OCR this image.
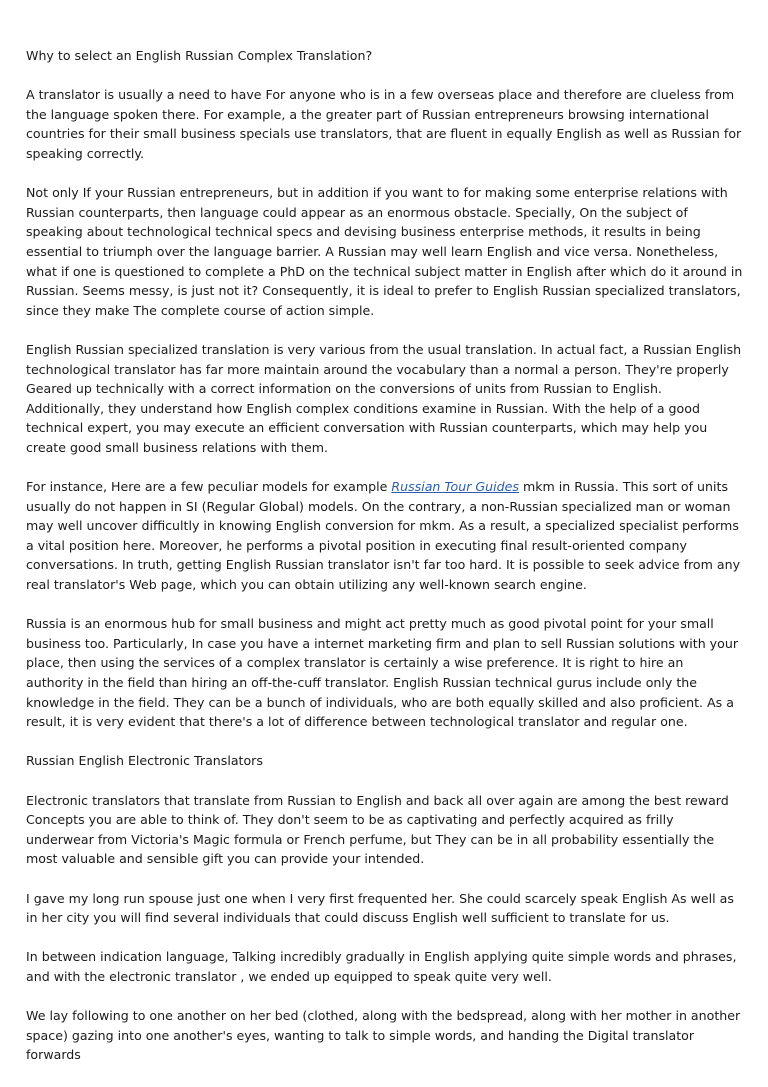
Why to select an English Russian Complex Translation?

A translator is usually a need to have For anyone who is in a few overseas place and therefore are clueless from the language spoken there. For example, a the greater part of Russian entrepreneurs browsing international countries for their small business specials use translators, that are fluent in equally English as well as Russian for speaking correctly.

Not only If your Russian entrepreneurs, but in addition if you want to for making some enterprise relations with Russian counterparts, then language could appear as an enormous obstacle. Specially, On the subject of speaking about technological technical specs and devising business enterprise methods, it results in being essential to triumph over the language barrier. A Russian may well learn English and vice versa. Nonetheless, what if one is questioned to complete a PhD on the technical subject matter in English after which do it around in Russian. Seems messy, is just not it? Consequently, it is ideal to prefer to English Russian specialized translators, since they make The complete course of action simple.

English Russian specialized translation is very various from the usual translation. In actual fact, a Russian English technological translator has far more maintain around the vocabulary than a normal a person. They're properly Geared up technically with a correct information on the conversions of units from Russian to English. Additionally, they understand how English complex conditions examine in Russian. With the help of a good technical expert, you may execute an efficient conversation with Russian counterparts, which may help you create good small business relations with them.

For instance, Here are a few peculiar models for example Russian Tour Guides mkm in Russia. This sort of units usually do not happen in SI (Regular Global) models. On the contrary, a non-Russian specialized man or woman may well uncover difficultly in knowing English conversion for mkm. As a result, a specialized specialist performs a vital position here. Moreover, he performs a pivotal position in executing final result-oriented company conversations. In truth, getting English Russian translator isn't far too hard. It is possible to seek advice from any real translator's Web page, which you can obtain utilizing any well-known search engine.

Russia is an enormous hub for small business and might act pretty much as good pivotal point for your small business too. Particularly, In case you have a internet marketing firm and plan to sell Russian solutions with your place, then using the services of a complex translator is certainly a wise preference. It is right to hire an authority in the field than hiring an off-the-cuff translator. English Russian technical gurus include only the knowledge in the field. They can be a bunch of individuals, who are both equally skilled and also proficient. As a result, it is very evident that there's a lot of difference between technological translator and regular one.

Russian English Electronic Translators

Electronic translators that translate from Russian to English and back all over again are among the best reward Concepts you are able to think of. They don't seem to be as captivating and perfectly acquired as frilly underwear from Victoria's Magic formula or French perfume, but They can be in all probability essentially the most valuable and sensible gift you can provide your intended.

I gave my long run spouse just one when I very first frequented her. She could scarcely speak English As well as in her city you will find several individuals that could discuss English well sufficient to translate for us.

In between indication language, Talking incredibly gradually in English applying quite simple words and phrases, and with the electronic translator , we ended up equipped to speak quite very well.

We lay following to one another on her bed (clothed, along with the bedspread, along with her mother in another space) gazing into one another's eyes, wanting to talk to simple words, and handing the Digital translator forwards
